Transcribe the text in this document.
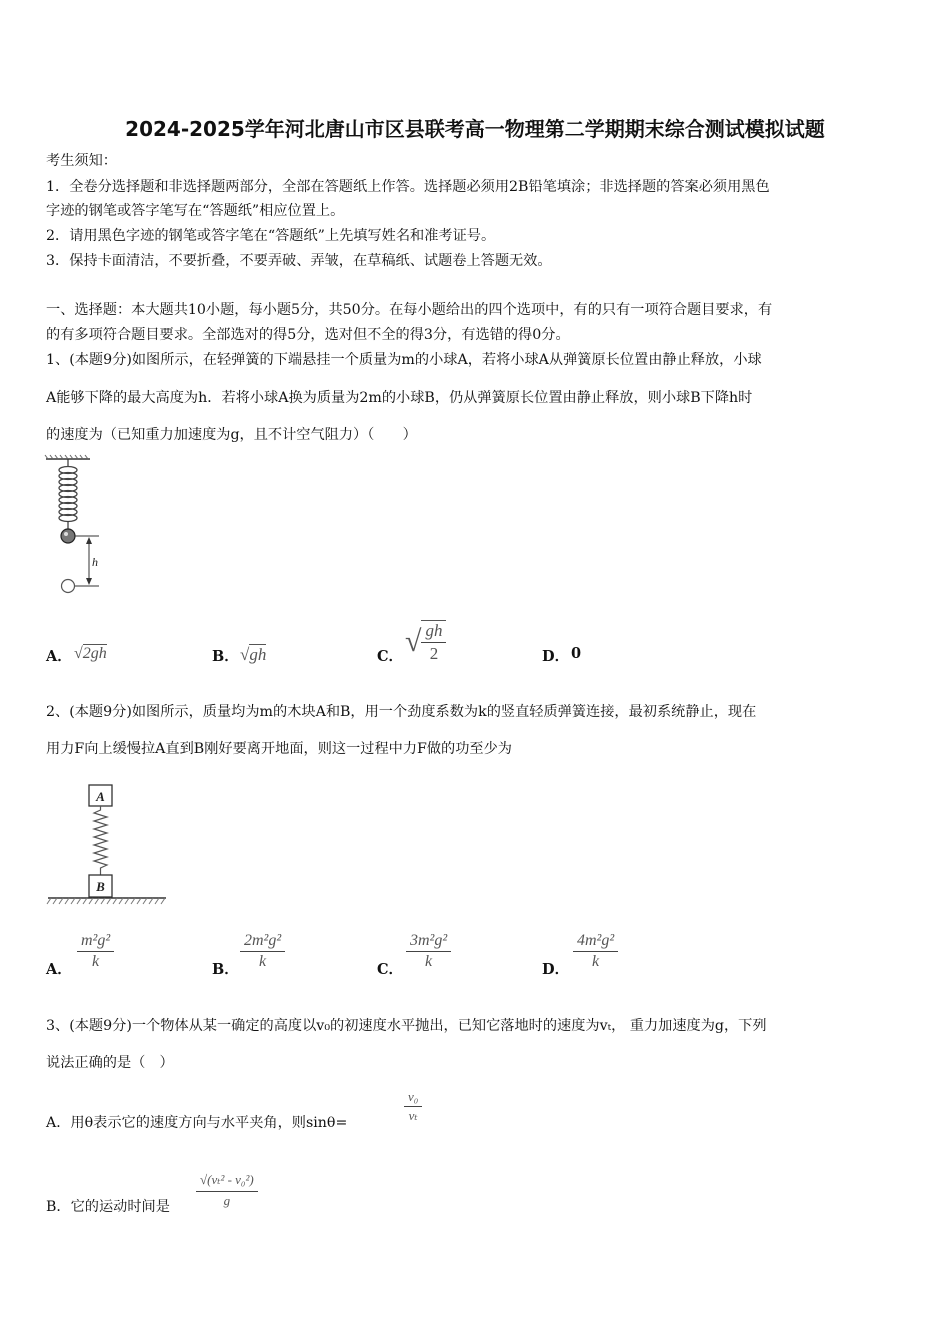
2024-2025学年河北唐山市区县联考高一物理第二学期期末综合测试模拟试题
考生须知：
1．全卷分选择题和非选择题两部分，全部在答题纸上作答。选择题必须用2B铅笔填涂；非选择题的答案必须用黑色
字迹的钢笔或答字笔写在“答题纸”相应位置上。
2．请用黑色字迹的钢笔或答字笔在“答题纸”上先填写姓名和准考证号。
3．保持卡面清洁，不要折叠，不要弄破、弄皱，在草稿纸、试题卷上答题无效。
一、选择题：本大题共10小题，每小题5分，共50分。在每小题给出的四个选项中，有的只有一项符合题目要求，有
的有多项符合题目要求。全部选对的得5分，选对但不全的得3分，有选错的得0分。
1、(本题9分)如图所示，在轻弹簧的下端悬挂一个质量为m的小球A，若将小球A从弹簧原长位置由静止释放，小球
A能够下降的最大高度为h．若将小球A换为质量为2m的小球B，仍从弹簧原长位置由静止释放，则小球B下降h时
的速度为（已知重力加速度为g，且不计空气阻力）（　　）
h
A． √2gh	B． √gh	C． √ $\frac{gh}{2}$	D． 0
2、(本题9分)如图所示，质量均为m的木块A和B，用一个劲度系数为k的竖直轻质弹簧连接，最初系统静止，现在
用力F向上缓慢拉A直到B刚好要离开地面，则这一过程中力F做的功至少为
A
B
A． $\frac{\text{m²g²}}{k}$	B． $\frac{\text{2m²g²}}{k}$	C． $\frac{\text{3m²g²}}{k}$	D． $\frac{\text{4m²g²}}{k}$
3、(本题9分)一个物体从某一确定的高度以v₀的初速度水平抛出，已知它落地时的速度为vₜ， 重力加速度为g，下列
说法正确的是（　）
A．用θ表示它的速度方向与水平夹角，则sinθ=	$\frac{\text{v₀}}{\text{vₜ}}$
B．它的运动时间是 $\frac{\text{√(vₜ² - v₀²)}}{g}$
